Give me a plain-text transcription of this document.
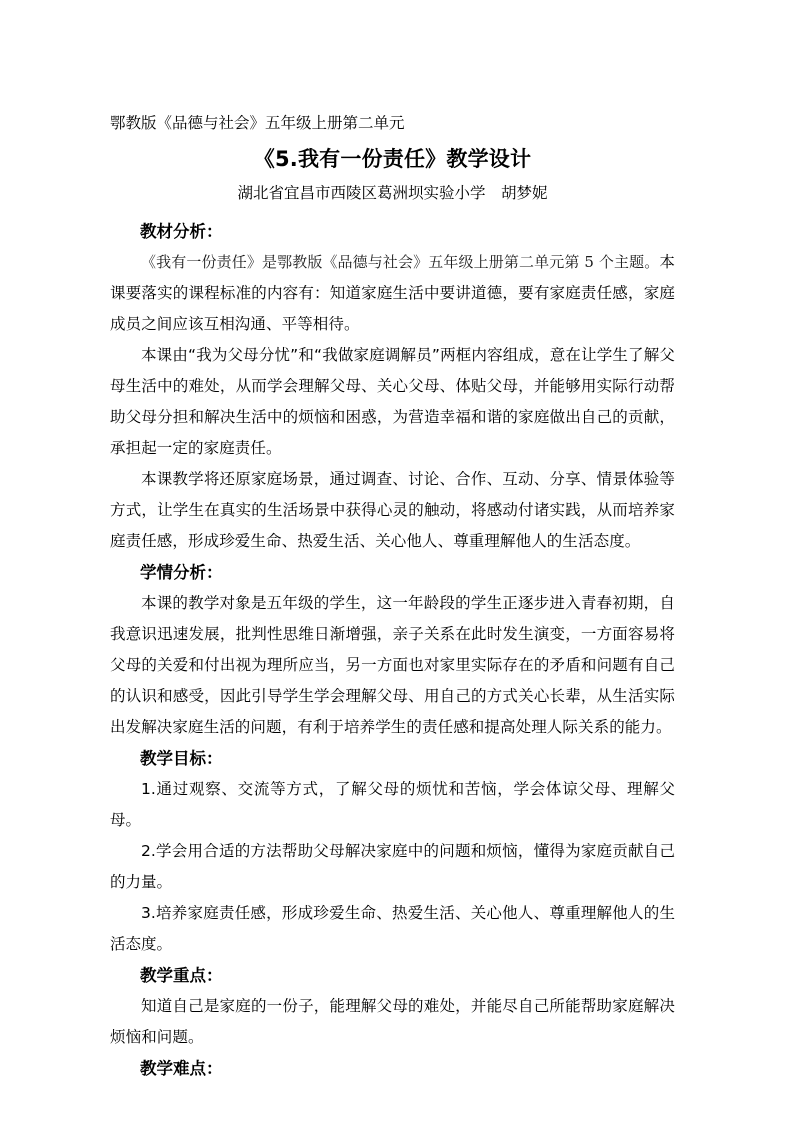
鄂教版《品德与社会》五年级上册第二单元

《5.我有一份责任》教学设计

湖北省宜昌市西陵区葛洲坝实验小学　胡梦妮

教材分析：

《我有一份责任》是鄂教版《品德与社会》五年级上册第二单元第 5 个主题。本课要落实的课程标准的内容有：知道家庭生活中要讲道德，要有家庭责任感，家庭成员之间应该互相沟通、平等相待。

本课由“我为父母分忧”和“我做家庭调解员”两框内容组成，意在让学生了解父母生活中的难处，从而学会理解父母、关心父母、体贴父母，并能够用实际行动帮助父母分担和解决生活中的烦恼和困惑，为营造幸福和谐的家庭做出自己的贡献，承担起一定的家庭责任。

本课教学将还原家庭场景，通过调查、讨论、合作、互动、分享、情景体验等方式，让学生在真实的生活场景中获得心灵的触动，将感动付诸实践，从而培养家庭责任感，形成珍爱生命、热爱生活、关心他人、尊重理解他人的生活态度。

学情分析：

本课的教学对象是五年级的学生，这一年龄段的学生正逐步进入青春初期，自我意识迅速发展，批判性思维日渐增强，亲子关系在此时发生演变，一方面容易将父母的关爱和付出视为理所应当，另一方面也对家里实际存在的矛盾和问题有自己的认识和感受，因此引导学生学会理解父母、用自己的方式关心长辈，从生活实际出发解决家庭生活的问题，有利于培养学生的责任感和提高处理人际关系的能力。

教学目标：

1.通过观察、交流等方式，了解父母的烦忧和苦恼，学会体谅父母、理解父母。

2.学会用合适的方法帮助父母解决家庭中的问题和烦恼，懂得为家庭贡献自己的力量。

3.培养家庭责任感，形成珍爱生命、热爱生活、关心他人、尊重理解他人的生活态度。

教学重点：

知道自己是家庭的一份子，能理解父母的难处，并能尽自己所能帮助家庭解决烦恼和问题。

教学难点：
